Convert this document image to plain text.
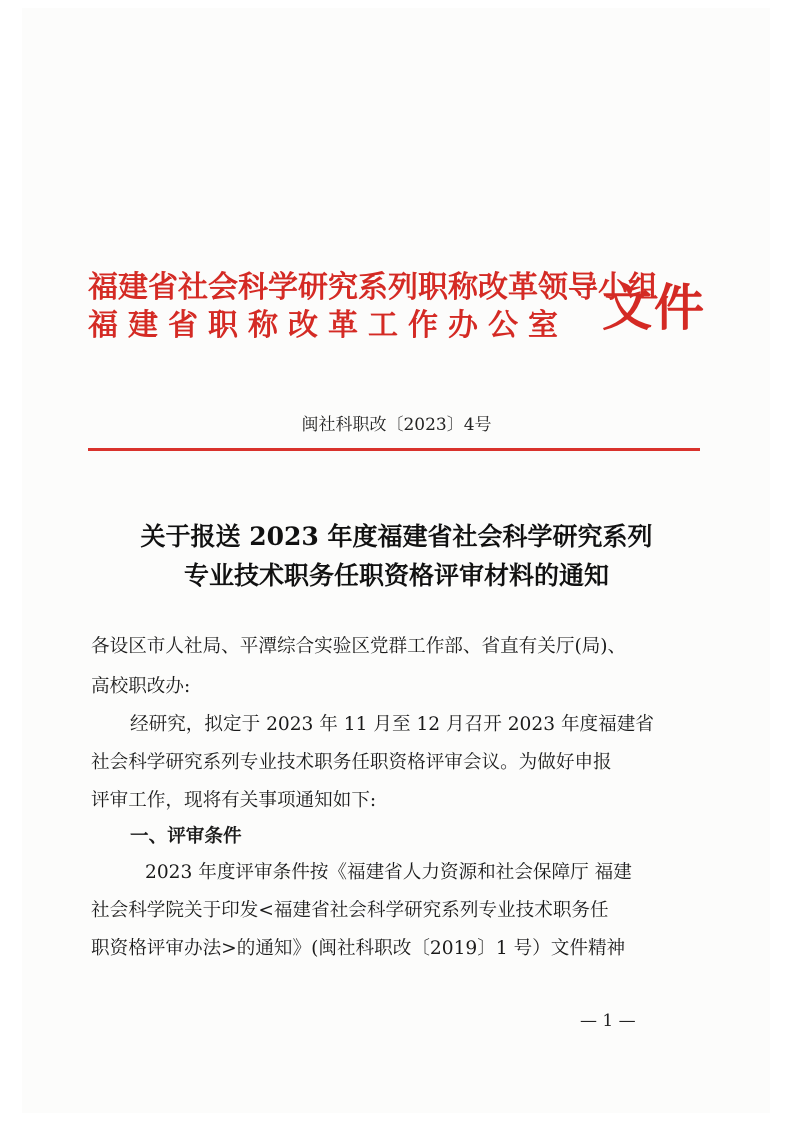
福建省社会科学研究系列职称改革领导小组
福建省职称改革工作办公室 文件
闽社科职改〔2023〕4号
关于报送 2023 年度福建省社会科学研究系列
专业技术职务任职资格评审材料的通知
各设区市人社局、平潭综合实验区党群工作部、省直有关厅(局)、
高校职改办:
经研究，拟定于 2023 年 11 月至 12 月召开 2023 年度福建省
社会科学研究系列专业技术职务任职资格评审会议。为做好申报
评审工作，现将有关事项通知如下:
一、评审条件
2023 年度评审条件按《福建省人力资源和社会保障厅 福建
社会科学院关于印发<福建省社会科学研究系列专业技术职务任
职资格评审办法>的通知》(闽社科职改〔2019〕1 号）文件精神
— 1 —
